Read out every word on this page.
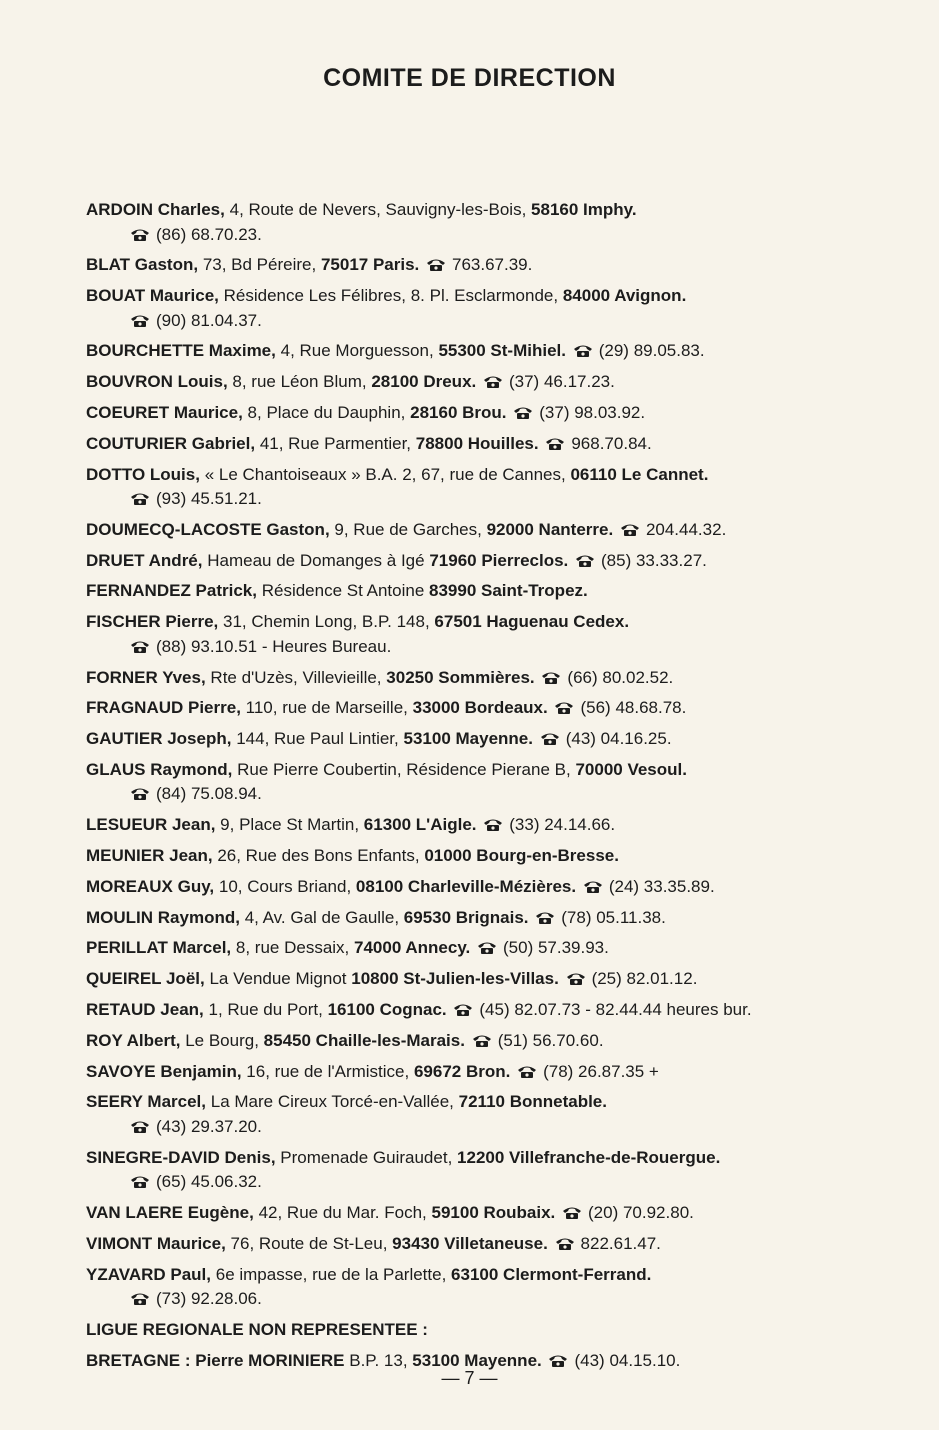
COMITE DE DIRECTION
ARDOIN Charles, 4, Route de Nevers, Sauvigny-les-Bois, 58160 Imphy.
(86) 68.70.23.
BLAT Gaston, 73, Bd Péreire, 75017 Paris. 763.67.39.
BOUAT Maurice, Résidence Les Félibres, 8. Pl. Esclarmonde, 84000 Avignon.
(90) 81.04.37.
BOURCHETTE Maxime, 4, Rue Morguesson, 55300 St-Mihiel. (29) 89.05.83.
BOUVRON Louis, 8, rue Léon Blum, 28100 Dreux. (37) 46.17.23.
COEURET Maurice, 8, Place du Dauphin, 28160 Brou. (37) 98.03.92.
COUTURIER Gabriel, 41, Rue Parmentier, 78800 Houilles. 968.70.84.
DOTTO Louis, « Le Chantoiseaux » B.A. 2, 67, rue de Cannes, 06110 Le Cannet.
(93) 45.51.21.
DOUMECQ-LACOSTE Gaston, 9, Rue de Garches, 92000 Nanterre. 204.44.32.
DRUET André, Hameau de Domanges à Igé 71960 Pierreclos. (85) 33.33.27.
FERNANDEZ Patrick, Résidence St Antoine 83990 Saint-Tropez.
FISCHER Pierre, 31, Chemin Long, B.P. 148, 67501 Haguenau Cedex.
(88) 93.10.51 - Heures Bureau.
FORNER Yves, Rte d'Uzès, Villevieille, 30250 Sommières. (66) 80.02.52.
FRAGNAUD Pierre, 110, rue de Marseille, 33000 Bordeaux. (56) 48.68.78.
GAUTIER Joseph, 144, Rue Paul Lintier, 53100 Mayenne. (43) 04.16.25.
GLAUS Raymond, Rue Pierre Coubertin, Résidence Pierane B, 70000 Vesoul.
(84) 75.08.94.
LESUEUR Jean, 9, Place St Martin, 61300 L'Aigle. (33) 24.14.66.
MEUNIER Jean, 26, Rue des Bons Enfants, 01000 Bourg-en-Bresse.
MOREAUX Guy, 10, Cours Briand, 08100 Charleville-Mézières. (24) 33.35.89.
MOULIN Raymond, 4, Av. Gal de Gaulle, 69530 Brignais. (78) 05.11.38.
PERILLAT Marcel, 8, rue Dessaix, 74000 Annecy. (50) 57.39.93.
QUEIREL Joël, La Vendue Mignot 10800 St-Julien-les-Villas. (25) 82.01.12.
RETAUD Jean, 1, Rue du Port, 16100 Cognac. (45) 82.07.73 - 82.44.44 heures bur.
ROY Albert, Le Bourg, 85450 Chaille-les-Marais. (51) 56.70.60.
SAVOYE Benjamin, 16, rue de l'Armistice, 69672 Bron. (78) 26.87.35 +
SEERY Marcel, La Mare Cireux Torcé-en-Vallée, 72110 Bonnetable.
(43) 29.37.20.
SINEGRE-DAVID Denis, Promenade Guiraudet, 12200 Villefranche-de-Rouergue.
(65) 45.06.32.
VAN LAERE Eugène, 42, Rue du Mar. Foch, 59100 Roubaix. (20) 70.92.80.
VIMONT Maurice, 76, Route de St-Leu, 93430 Villetaneuse. 822.61.47.
YZAVARD Paul, 6e impasse, rue de la Parlette, 63100 Clermont-Ferrand.
(73) 92.28.06.
LIGUE REGIONALE NON REPRESENTEE :
BRETAGNE : Pierre MORINIERE B.P. 13, 53100 Mayenne. (43) 04.15.10.
— 7 —
